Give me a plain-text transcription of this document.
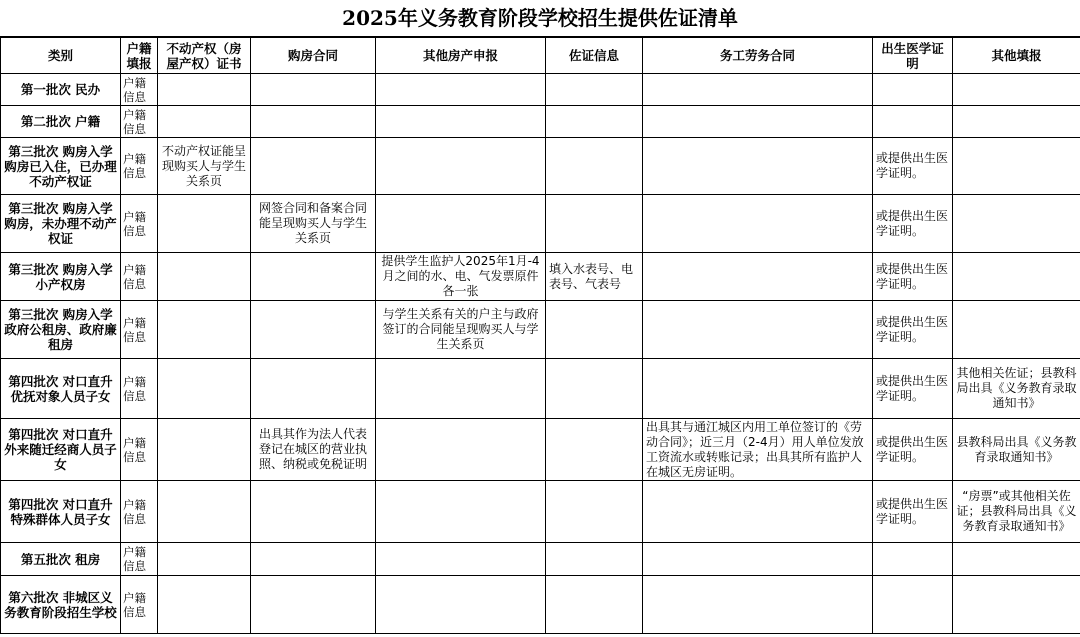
2025年义务教育阶段学校招生提供佐证清单
类别	户籍填报	不动产权（房屋产权）证书	购房合同	其他房产申报	佐证信息	务工劳务合同	出生医学证明	其他填报
第一批次 民办	户籍信息							
第二批次 户籍	户籍信息							
第三批次 购房入学 购房已入住，已办理不动产权证	户籍信息	不动产权证能呈现购买人与学生关系页					或提供出生医学证明。	
第三批次 购房入学购房，未办理不动产权证	户籍信息		网签合同和备案合同能呈现购买人与学生关系页				或提供出生医学证明。	
第三批次 购房入学 小产权房	户籍信息			提供学生监护人2025年1月-4月之间的水、电、气发票原件各一张	填入水表号、电表号、气表号		或提供出生医学证明。	
第三批次 购房入学 政府公租房、政府廉租房	户籍信息			与学生关系有关的户主与政府签订的合同能呈现购买人与学生关系页			或提供出生医学证明。	
第四批次 对口直升 优抚对象人员子女	户籍信息						或提供出生医学证明。	其他相关佐证；县教科局出具《义务教育录取通知书》
第四批次 对口直升 外来随迁经商人员子女	户籍信息		出具其作为法人代表登记在城区的营业执照、纳税或免税证明			出具其与通江城区内用工单位签订的《劳动合同》；近三月（2-4月）用人单位发放工资流水或转账记录；出具其所有监护人在城区无房证明。	或提供出生医学证明。	县教科局出具《义务教育录取通知书》
第四批次 对口直升 特殊群体人员子女	户籍信息						或提供出生医学证明。	“房票”或其他相关佐证；县教科局出具《义务教育录取通知书》
第五批次 租房	户籍信息							
第六批次 非城区义务教育阶段招生学校	户籍信息							
